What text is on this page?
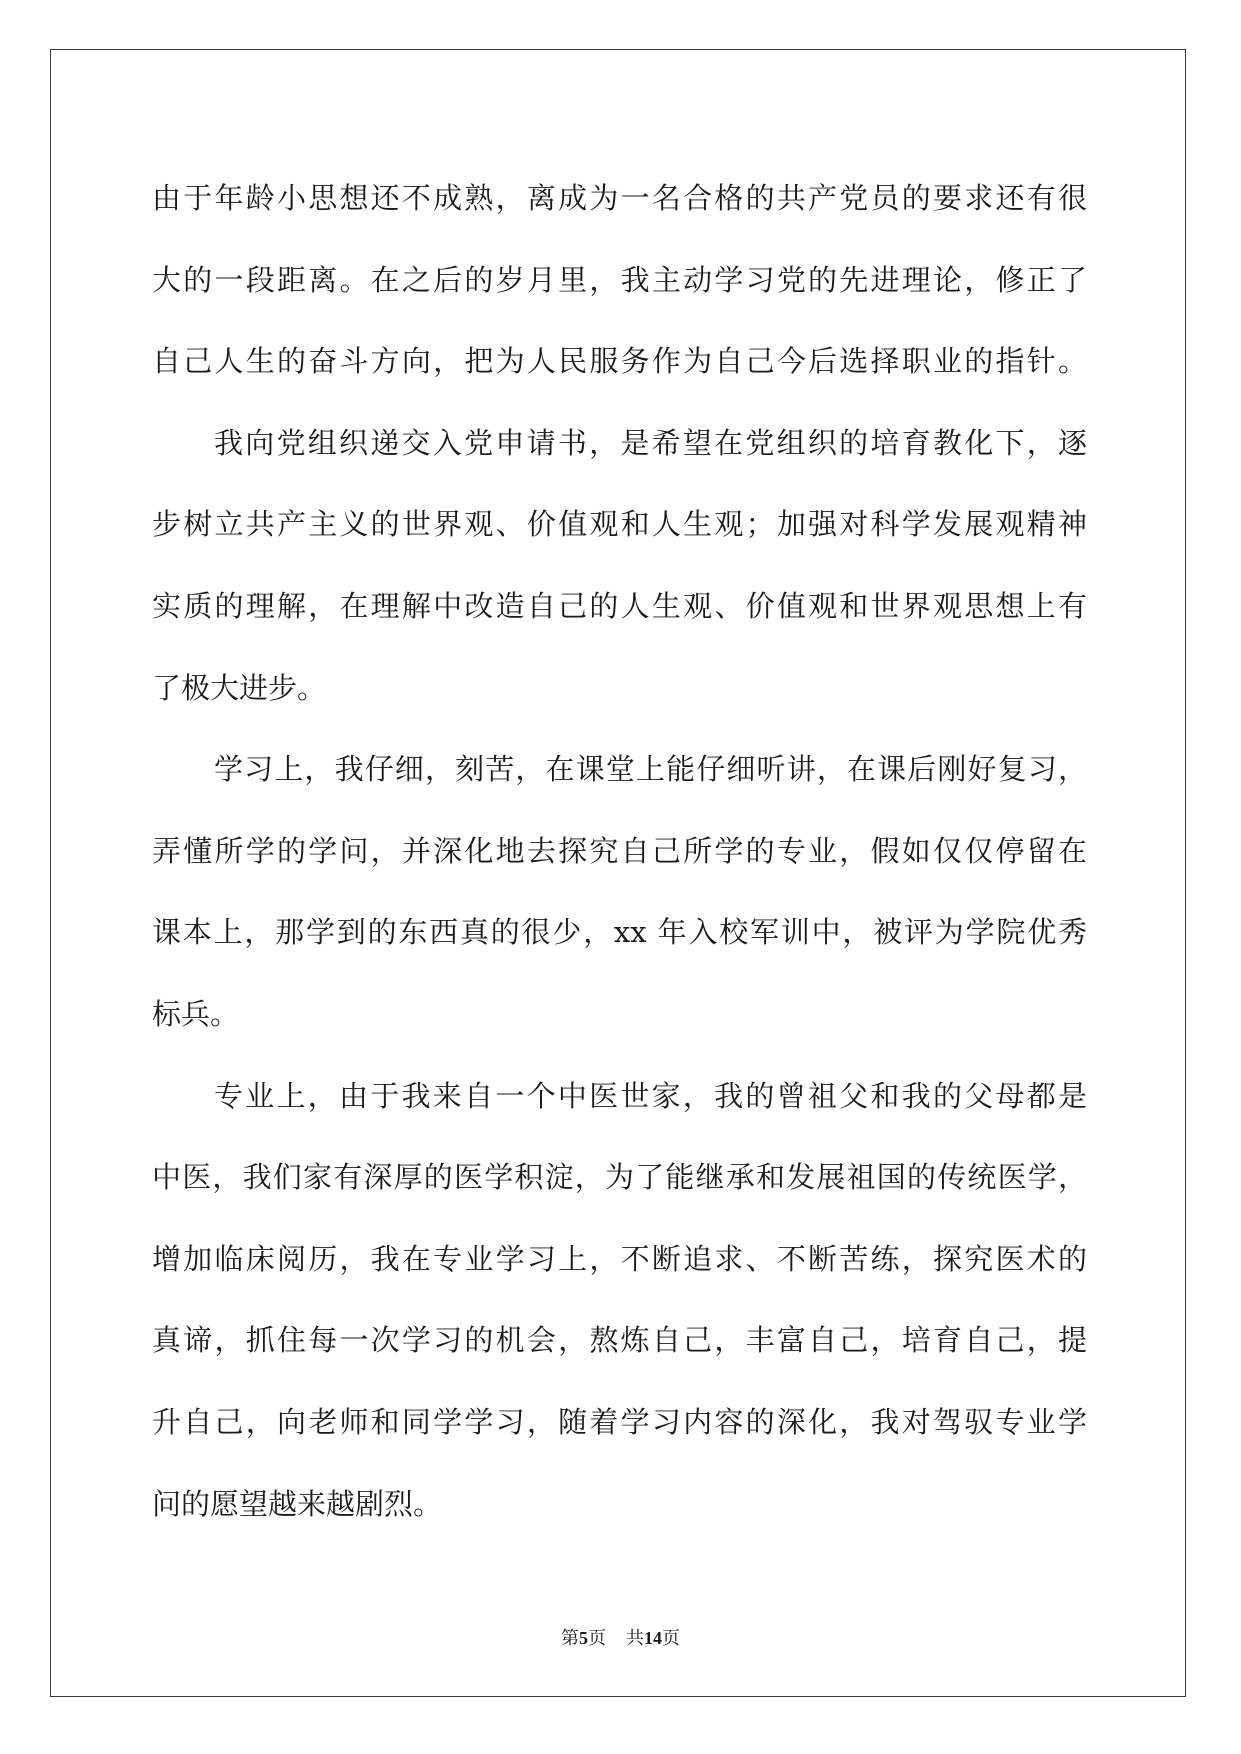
由于年龄小思想还不成熟，离成为一名合格的共产党员的要求还有很
大的一段距离。在之后的岁月里，我主动学习党的先进理论，修正了
自己人生的奋斗方向，把为人民服务作为自己今后选择职业的指针。
我向党组织递交入党申请书，是希望在党组织的培育教化下，逐
步树立共产主义的世界观、价值观和人生观；加强对科学发展观精神
实质的理解，在理解中改造自己的人生观、价值观和世界观思想上有
了极大进步。
学习上，我仔细，刻苦，在课堂上能仔细听讲，在课后刚好复习，
弄懂所学的学问，并深化地去探究自己所学的专业，假如仅仅停留在
课本上，那学到的东西真的很少，xx 年入校军训中，被评为学院优秀
标兵。
专业上，由于我来自一个中医世家，我的曾祖父和我的父母都是
中医，我们家有深厚的医学积淀，为了能继承和发展祖国的传统医学，
增加临床阅历，我在专业学习上，不断追求、不断苦练，探究医术的
真谛，抓住每一次学习的机会，熬炼自己，丰富自己，培育自己，提
升自己，向老师和同学学习，随着学习内容的深化，我对驾驭专业学
问的愿望越来越剧烈。
第5页 共14页
